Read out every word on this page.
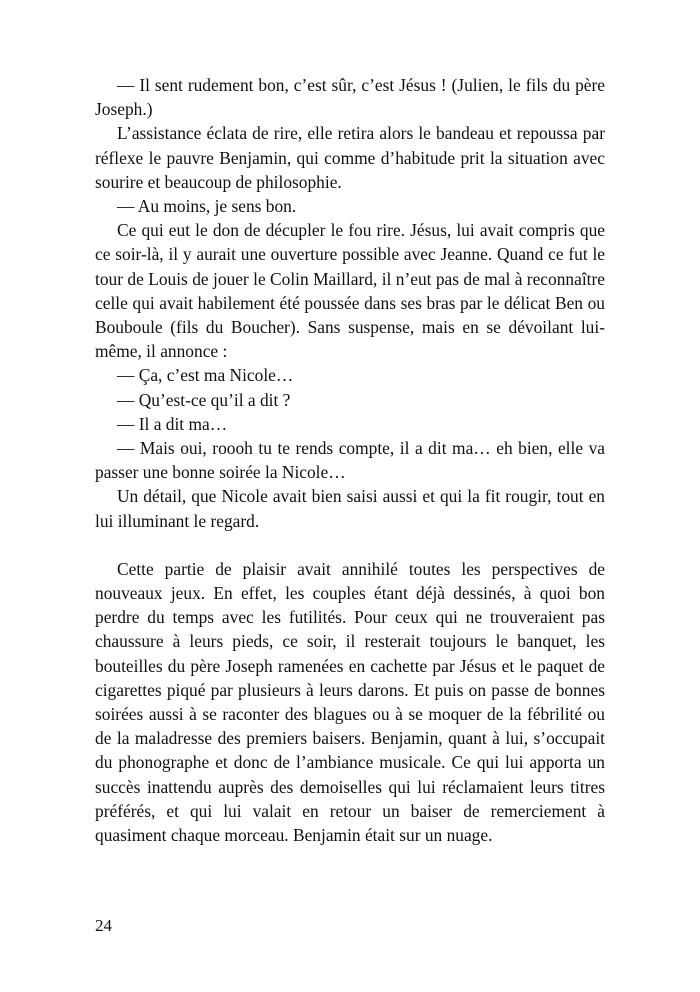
— Il sent rudement bon, c’est sûr, c’est Jésus ! (Julien, le fils du père Joseph.)

L’assistance éclata de rire, elle retira alors le bandeau et repoussa par réflexe le pauvre Benjamin, qui comme d’habitude prit la situation avec sourire et beaucoup de philosophie.

— Au moins, je sens bon.

Ce qui eut le don de décupler le fou rire. Jésus, lui avait compris que ce soir-là, il y aurait une ouverture possible avec Jeanne. Quand ce fut le tour de Louis de jouer le Colin Maillard, il n’eut pas de mal à reconnaître celle qui avait habilement été poussée dans ses bras par le délicat Ben ou Bouboule (fils du Boucher). Sans suspense, mais en se dévoilant lui-même, il annonce :

— Ça, c’est ma Nicole…

— Qu’est-ce qu’il a dit ?

— Il a dit ma…

— Mais oui, roooh tu te rends compte, il a dit ma… eh bien, elle va passer une bonne soirée la Nicole…

Un détail, que Nicole avait bien saisi aussi et qui la fit rougir, tout en lui illuminant le regard.

Cette partie de plaisir avait annihilé toutes les perspectives de nouveaux jeux. En effet, les couples étant déjà dessinés, à quoi bon perdre du temps avec les futilités. Pour ceux qui ne trouveraient pas chaussure à leurs pieds, ce soir, il resterait toujours le banquet, les bouteilles du père Joseph ramenées en cachette par Jésus et le paquet de cigarettes piqué par plusieurs à leurs darons. Et puis on passe de bonnes soirées aussi à se raconter des blagues ou à se moquer de la fébrilité ou de la maladresse des premiers baisers. Benjamin, quant à lui, s’occupait du phonographe et donc de l’ambiance musicale. Ce qui lui apporta un succès inattendu auprès des demoiselles qui lui réclamaient leurs titres préférés, et qui lui valait en retour un baiser de remerciement à quasiment chaque morceau. Benjamin était sur un nuage.

24
